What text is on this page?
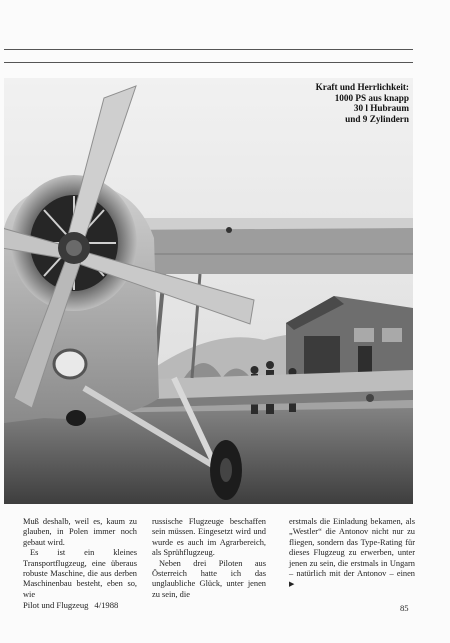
Kraft und Herrlichkeit:
1000 PS aus knapp
30 l Hubraum
und 9 Zylindern

Muß deshalb, weil es, kaum zu glauben, in Polen immer noch gebaut wird.

Es ist ein kleines Transportflugzeug, eine überaus robuste Maschine, die aus derben Maschinenbau besteht, eben so, wie

russische Flugzeuge beschaffen sein müssen. Eingesetzt wird und wurde es auch im Agrarbereich, als Sprühflugzeug.

Neben drei Piloten aus Österreich hatte ich das unglaubliche Glück, unter jenen zu sein, die

erstmals die Einladung bekamen, als „Westler“ die Antonov nicht nur zu fliegen, sondern das Type-Rating für dieses Flugzeug zu erwerben, unter jenen zu sein, die erstmals in Ungarn – natürlich mit der Antonov – einen ▶

Pilot und Flugzeug 4/1988	85
